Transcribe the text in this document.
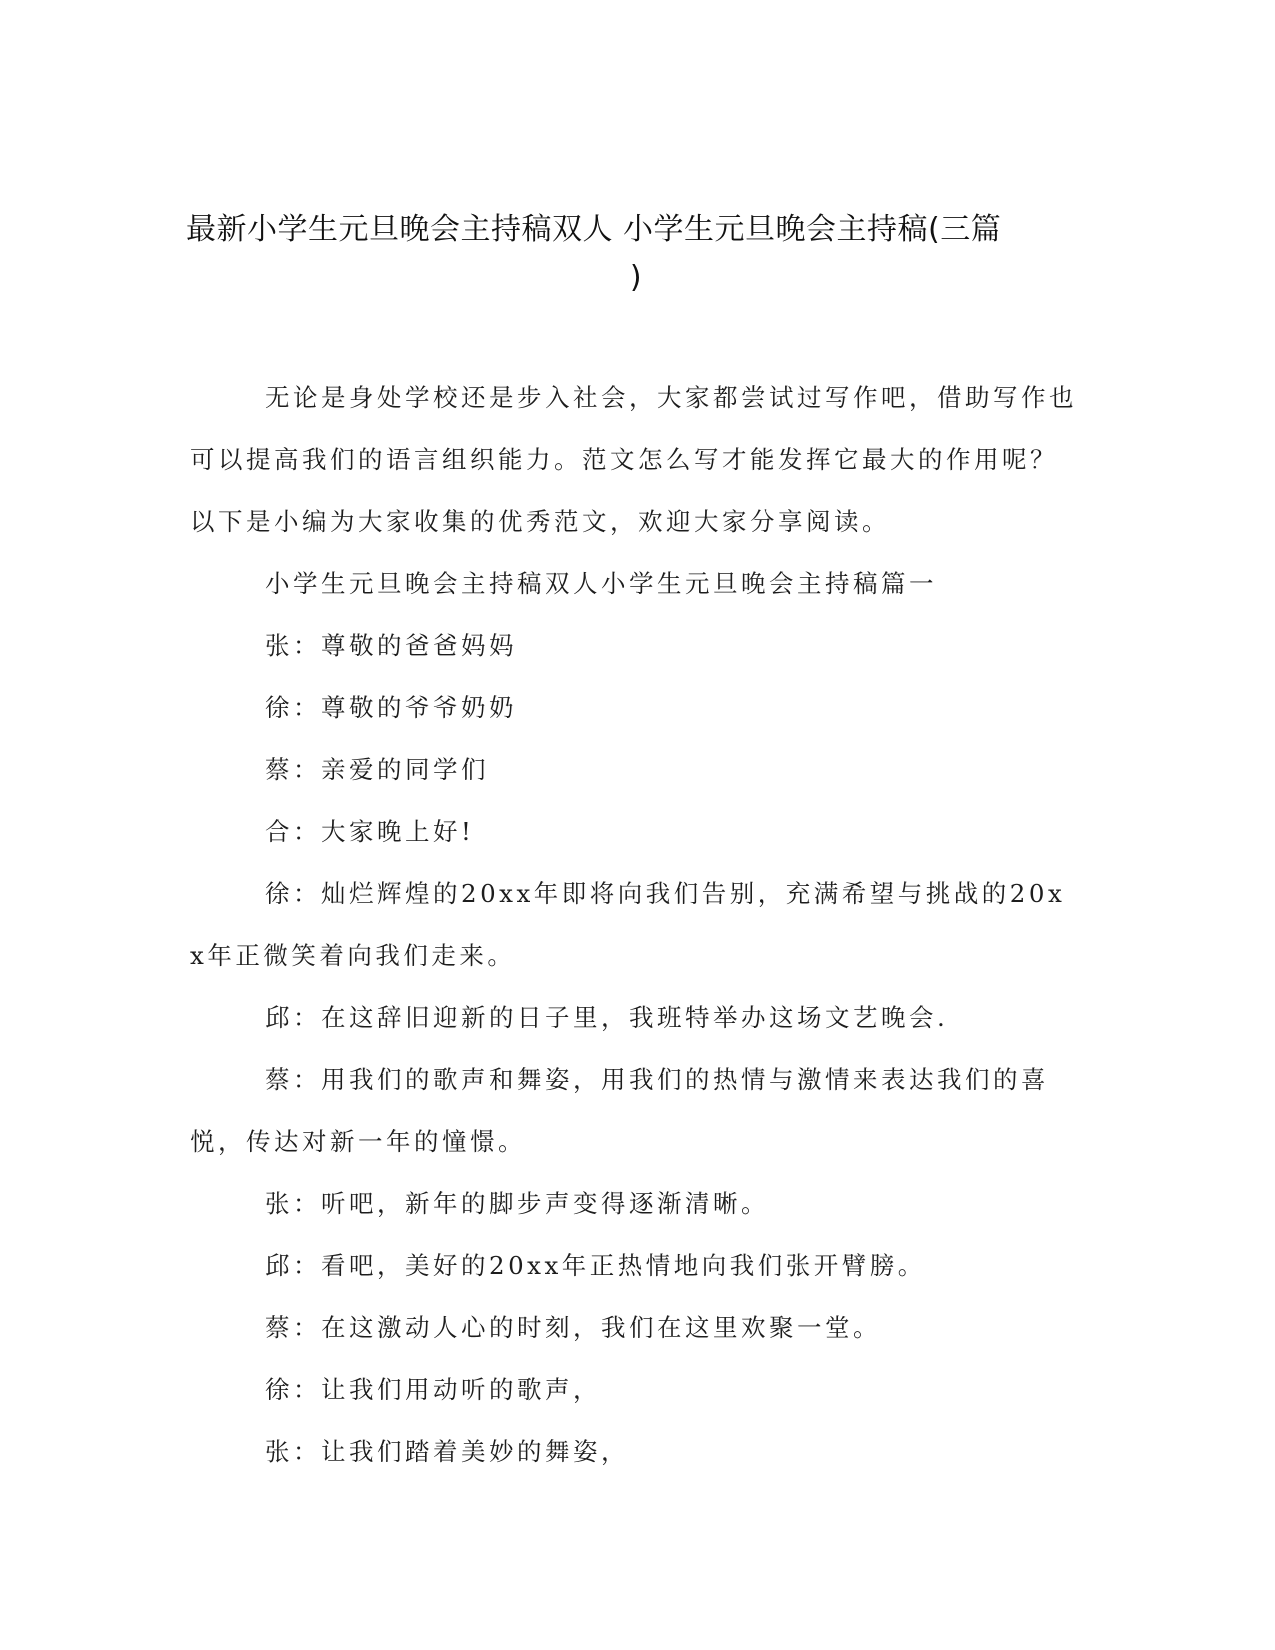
最新小学生元旦晚会主持稿双人 小学生元旦晚会主持稿(三篇
)

无论是身处学校还是步入社会，大家都尝试过写作吧，借助写作也可以提高我们的语言组织能力。范文怎么写才能发挥它最大的作用呢？以下是小编为大家收集的优秀范文，欢迎大家分享阅读。

小学生元旦晚会主持稿双人小学生元旦晚会主持稿篇一

张：尊敬的爸爸妈妈

徐：尊敬的爷爷奶奶

蔡：亲爱的同学们

合：大家晚上好!

徐：灿烂辉煌的20xx年即将向我们告别，充满希望与挑战的20xx年正微笑着向我们走来。

邱：在这辞旧迎新的日子里，我班特举办这场文艺晚会.

蔡：用我们的歌声和舞姿，用我们的热情与激情来表达我们的喜悦，传达对新一年的憧憬。

张：听吧，新年的脚步声变得逐渐清晰。

邱：看吧，美好的20xx年正热情地向我们张开臂膀。

蔡：在这激动人心的时刻，我们在这里欢聚一堂。

徐：让我们用动听的歌声，

张：让我们踏着美妙的舞姿，
